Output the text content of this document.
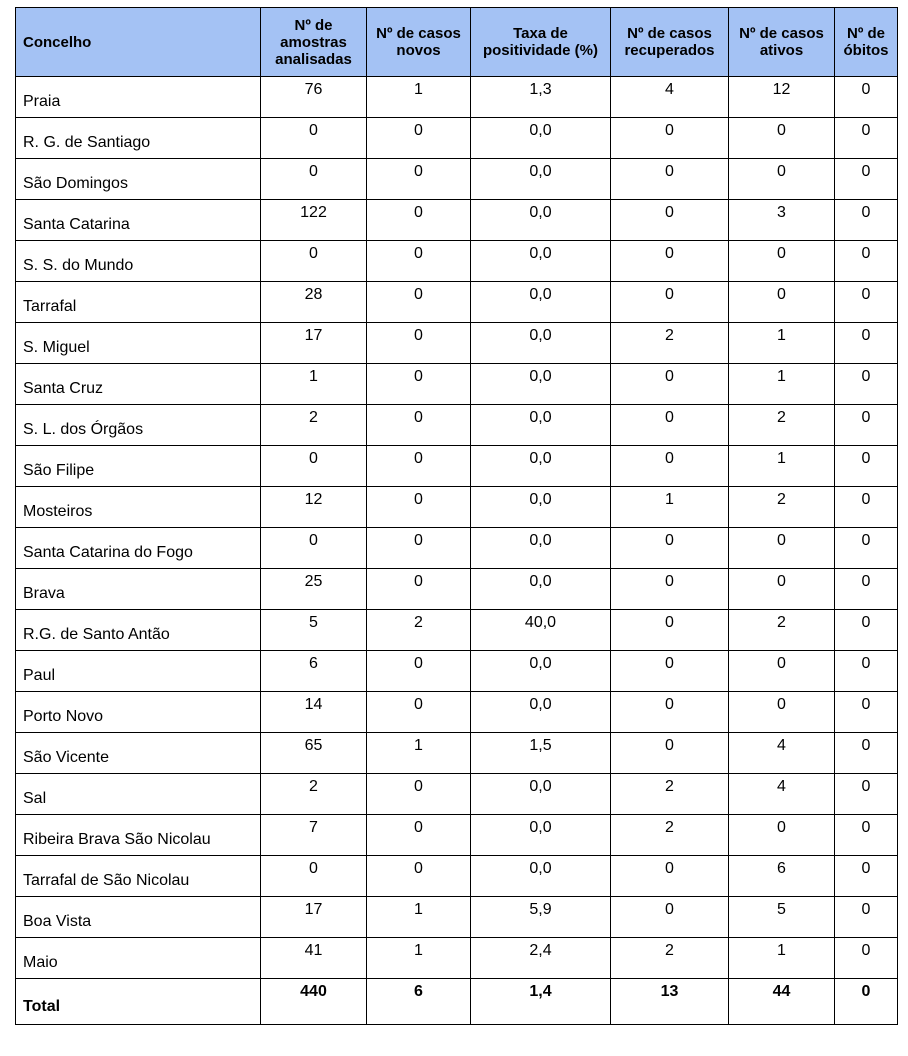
Concelho	Nº de amostras analisadas	Nº de casos novos	Taxa de positividade (%)	Nº de casos recuperados	Nº de casos ativos	Nº de óbitos
Praia	76	1	1,3	4	12	0
R. G. de Santiago	0	0	0,0	0	0	0
São Domingos	0	0	0,0	0	0	0
Santa Catarina	122	0	0,0	0	3	0
S. S. do Mundo	0	0	0,0	0	0	0
Tarrafal	28	0	0,0	0	0	0
S. Miguel	17	0	0,0	2	1	0
Santa Cruz	1	0	0,0	0	1	0
S. L. dos Órgãos	2	0	0,0	0	2	0
São Filipe	0	0	0,0	0	1	0
Mosteiros	12	0	0,0	1	2	0
Santa Catarina do Fogo	0	0	0,0	0	0	0
Brava	25	0	0,0	0	0	0
R.G. de Santo Antão	5	2	40,0	0	2	0
Paul	6	0	0,0	0	0	0
Porto Novo	14	0	0,0	0	0	0
São Vicente	65	1	1,5	0	4	0
Sal	2	0	0,0	2	4	0
Ribeira Brava São Nicolau	7	0	0,0	2	0	0
Tarrafal de São Nicolau	0	0	0,0	0	6	0
Boa Vista	17	1	5,9	0	5	0
Maio	41	1	2,4	2	1	0
Total	440	6	1,4	13	44	0
